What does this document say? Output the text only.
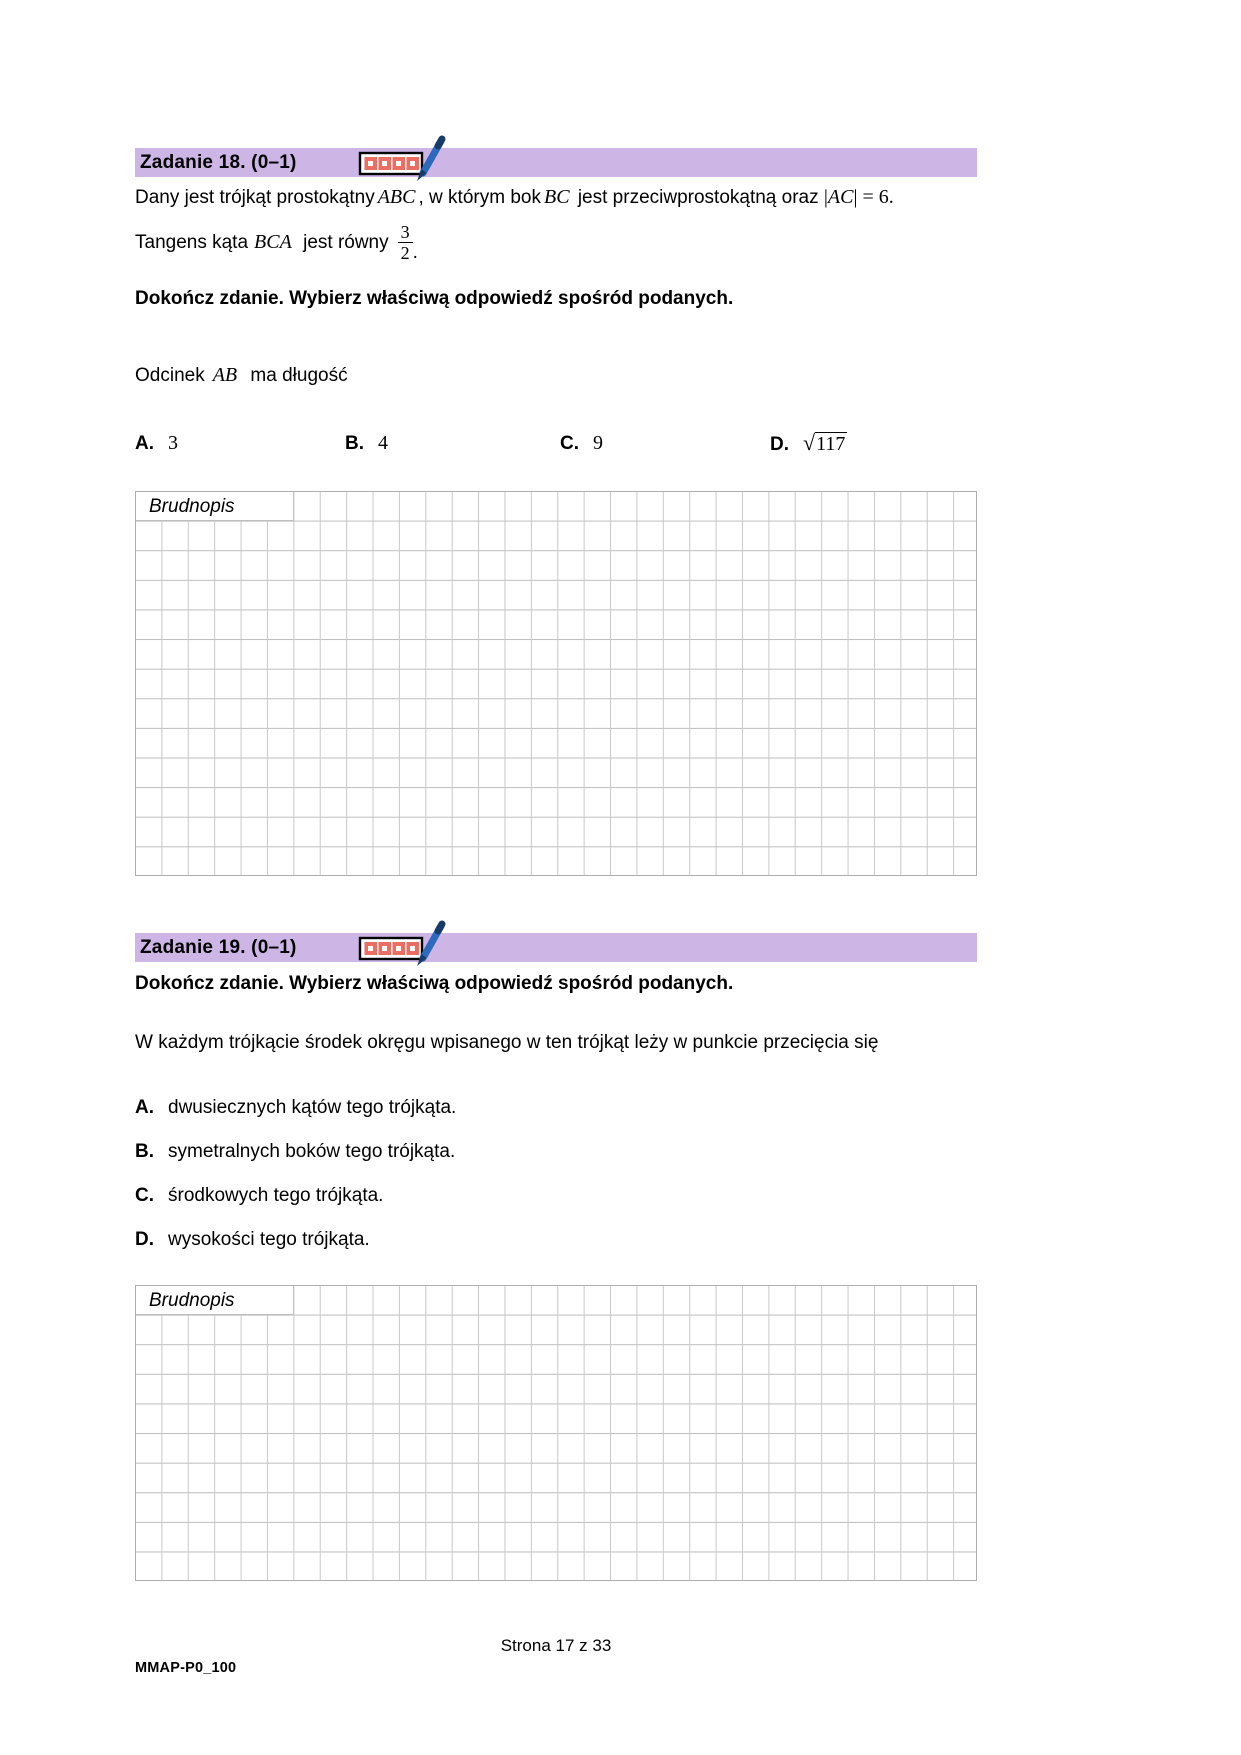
Zadanie 18. (0–1)
Dany jest trójkąt prostokątny ABC , w którym bok BC jest przeciwprostokątną oraz |AC| = 6.
Tangens kąta BCA jest równy $\frac{3}{2}$ .
Dokończ zdanie. Wybierz właściwą odpowiedź spośród podanych.
Odcinek AB ma długość
A. 3	B. 4	C. 9	D. √ 117
Brudnopis
Zadanie 19. (0–1)
Dokończ zdanie. Wybierz właściwą odpowiedź spośród podanych.
W każdym trójkącie środek okręgu wpisanego w ten trójkąt leży w punkcie przecięcia się
A. dwusiecznych kątów tego trójkąta.
B. symetralnych boków tego trójkąta.
C. środkowych tego trójkąta.
D. wysokości tego trójkąta.
Brudnopis
Strona 17 z 33
MMAP-P0_100
